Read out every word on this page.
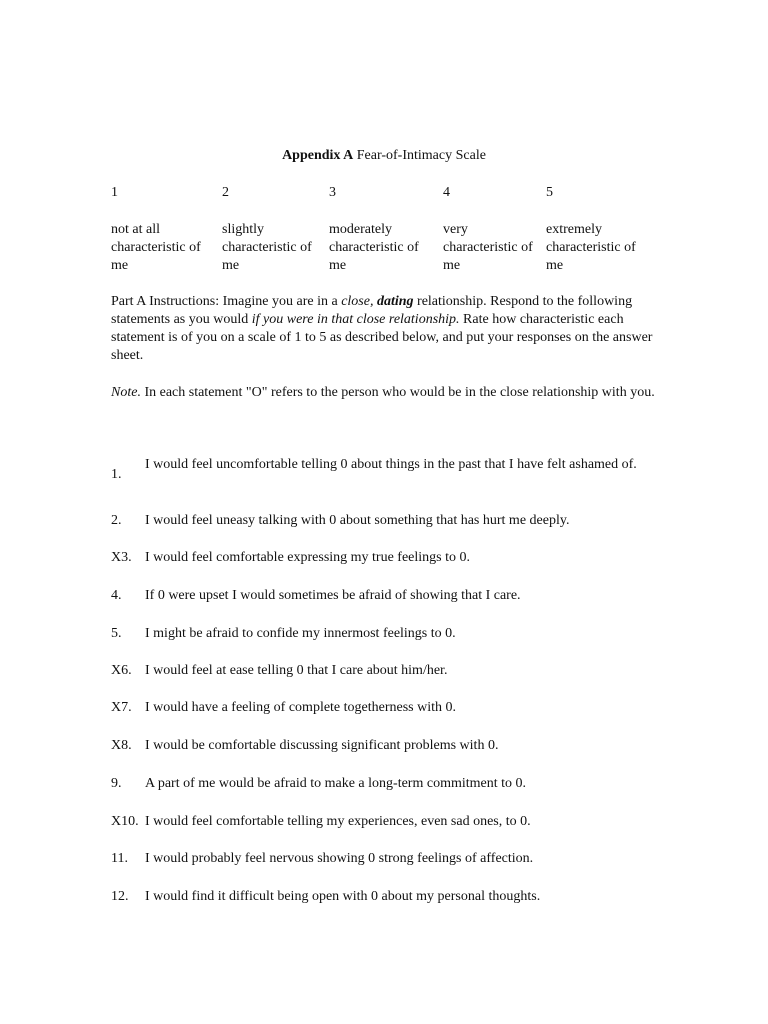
Appendix A Fear-of-Intimacy Scale
1
not at all
characteristic of
me
2
slightly
characteristic of
me
3
moderately
characteristic of
me
4
very
characteristic of
me
5
extremely
characteristic of
me
Part A Instructions: Imagine you are in a close, dating relationship. Respond to the following statements as you would if you were in that close relationship. Rate how characteristic each statement is of you on a scale of 1 to 5 as described below, and put your responses on the answer sheet.
Note. In each statement "O" refers to the person who would be in the close relationship with you.
1.
I would feel uncomfortable telling 0 about things in the past that I have felt ashamed of.
2. I would feel uneasy talking with 0 about something that has hurt me deeply.
X3. I would feel comfortable expressing my true feelings to 0.
4. If 0 were upset I would sometimes be afraid of showing that I care.
5. I might be afraid to confide my innermost feelings to 0.
X6. I would feel at ease telling 0 that I care about him/her.
X7. I would have a feeling of complete togetherness with 0.
X8. I would be comfortable discussing significant problems with 0.
9. A part of me would be afraid to make a long-term commitment to 0.
X10. I would feel comfortable telling my experiences, even sad ones, to 0.
11. I would probably feel nervous showing 0 strong feelings of affection.
12. I would find it difficult being open with 0 about my personal thoughts.
